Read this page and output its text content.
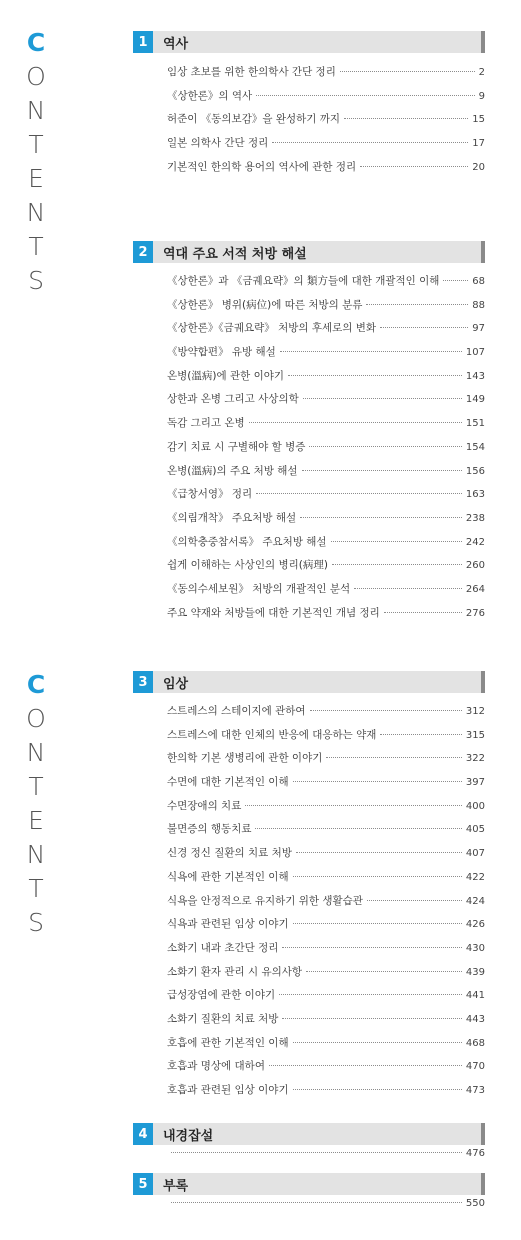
C
O
N
T
E
N
T
S
C
O
N
T
E
N
T
S
1	역사
임상 초보를 위한 한의학사 간단 정리	2
《상한론》의 역사	9
허준이 《동의보감》을 완성하기 까지	15
일본 의학사 간단 정리	17
기본적인 한의학 용어의 역사에 관한 정리	20
2	역대 주요 서적 처방 해설
《상한론》과 《금궤요략》의 類方들에 대한 개괄적인 이해	68
《상한론》 병위(病位)에 따른 처방의 분류	88
《상한론》《금궤요략》 처방의 후세로의 변화	97
《방약합편》 유방 해설	107
온병(溫病)에 관한 이야기	143
상한과 온병 그리고 사상의학	149
독감 그리고 온병	151
감기 치료 시 구별해야 할 병증	154
온병(溫病)의 주요 처방 해설	156
《급창서영》 정리	163
《의림개착》 주요처방 해설	238
《의학충중참서록》 주요처방 해설	242
쉽게 이해하는 사상인의 병리(病理)	260
《동의수세보원》 처방의 개괄적인 분석	264
주요 약재와 처방들에 대한 기본적인 개념 정리	276
3	임상
스트레스의 스테이지에 관하여	312
스트레스에 대한 인체의 반응에 대응하는 약재	315
한의학 기본 생병리에 관한 이야기	322
수면에 대한 기본적인 이해	397
수면장애의 치료	400
불면증의 행동치료	405
신경 정신 질환의 치료 처방	407
식욕에 관한 기본적인 이해	422
식욕을 안정적으로 유지하기 위한 생활습관	424
식욕과 관련된 임상 이야기	426
소화기 내과 초간단 정리	430
소화기 환자 관리 시 유의사항	439
급성장염에 관한 이야기	441
소화기 질환의 치료 처방	443
호흡에 관한 기본적인 이해	468
호흡과 명상에 대하여	470
호흡과 관련된 임상 이야기	473
4	내경잡설
476
5	부록
550
